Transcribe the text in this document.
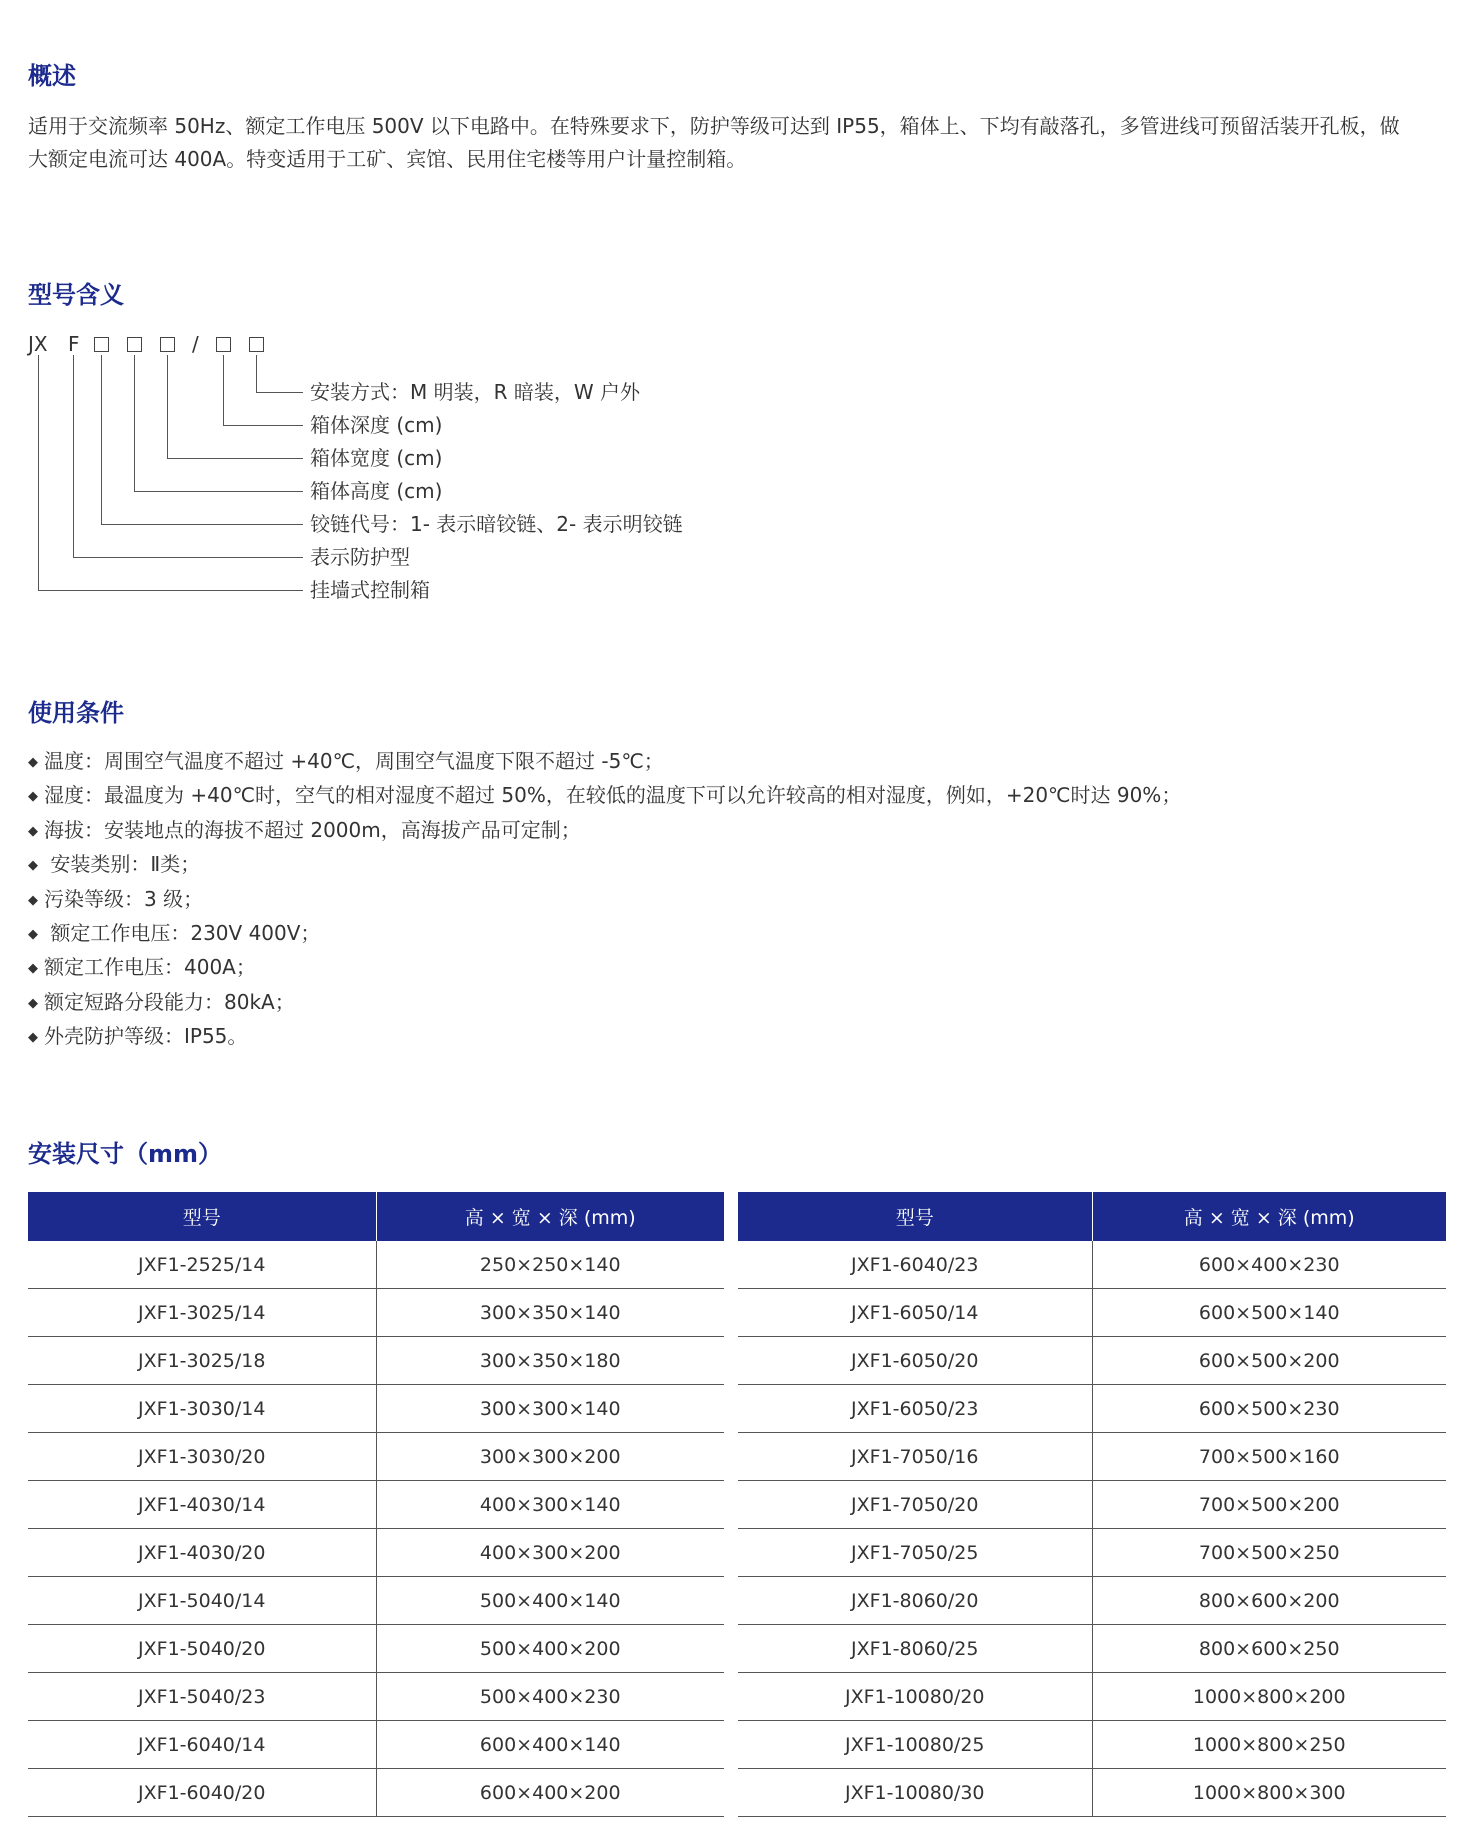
概述

适用于交流频率 50Hz、额定工作电压 500V 以下电路中。在特殊要求下，防护等级可达到 IP55，箱体上、下均有敲落孔，多管进线可预留活装开孔板，做

大额定电流可达 400A。特变适用于工矿、宾馆、民用住宅楼等用户计量控制箱。

型号含义
JX F	/
安装方式：M 明装，R 暗装，W 户外
箱体深度 (cm)
箱体宽度 (cm)
箱体高度 (cm)
铰链代号：1- 表示暗铰链、2- 表示明铰链
表示防护型
挂墙式控制箱
使用条件
◆ 温度：周围空气温度不超过 +40℃，周围空气温度下限不超过 -5℃；
◆ 湿度：最温度为 +40℃时，空气的相对湿度不超过 50%，在较低的温度下可以允许较高的相对湿度，例如，+20℃时达 90%；
◆ 海拔：安装地点的海拔不超过 2000m，高海拔产品可定制；
◆ 安装类别：Ⅱ类；
◆ 污染等级：3 级；
◆ 额定工作电压：230V 400V；
◆ 额定工作电压：400A；
◆ 额定短路分段能力：80kA；
◆ 外壳防护等级：IP55。
安装尺寸（mm）
型号	高 × 宽 × 深 (mm)
JXF1-2525/14	250×250×140
JXF1-3025/14	300×350×140
JXF1-3025/18	300×350×180
JXF1-3030/14	300×300×140
JXF1-3030/20	300×300×200
JXF1-4030/14	400×300×140
JXF1-4030/20	400×300×200
JXF1-5040/14	500×400×140
JXF1-5040/20	500×400×200
JXF1-5040/23	500×400×230
JXF1-6040/14	600×400×140
JXF1-6040/20	600×400×200
型号	高 × 宽 × 深 (mm)
JXF1-6040/23	600×400×230
JXF1-6050/14	600×500×140
JXF1-6050/20	600×500×200
JXF1-6050/23	600×500×230
JXF1-7050/16	700×500×160
JXF1-7050/20	700×500×200
JXF1-7050/25	700×500×250
JXF1-8060/20	800×600×200
JXF1-8060/25	800×600×250
JXF1-10080/20	1000×800×200
JXF1-10080/25	1000×800×250
JXF1-10080/30	1000×800×300
